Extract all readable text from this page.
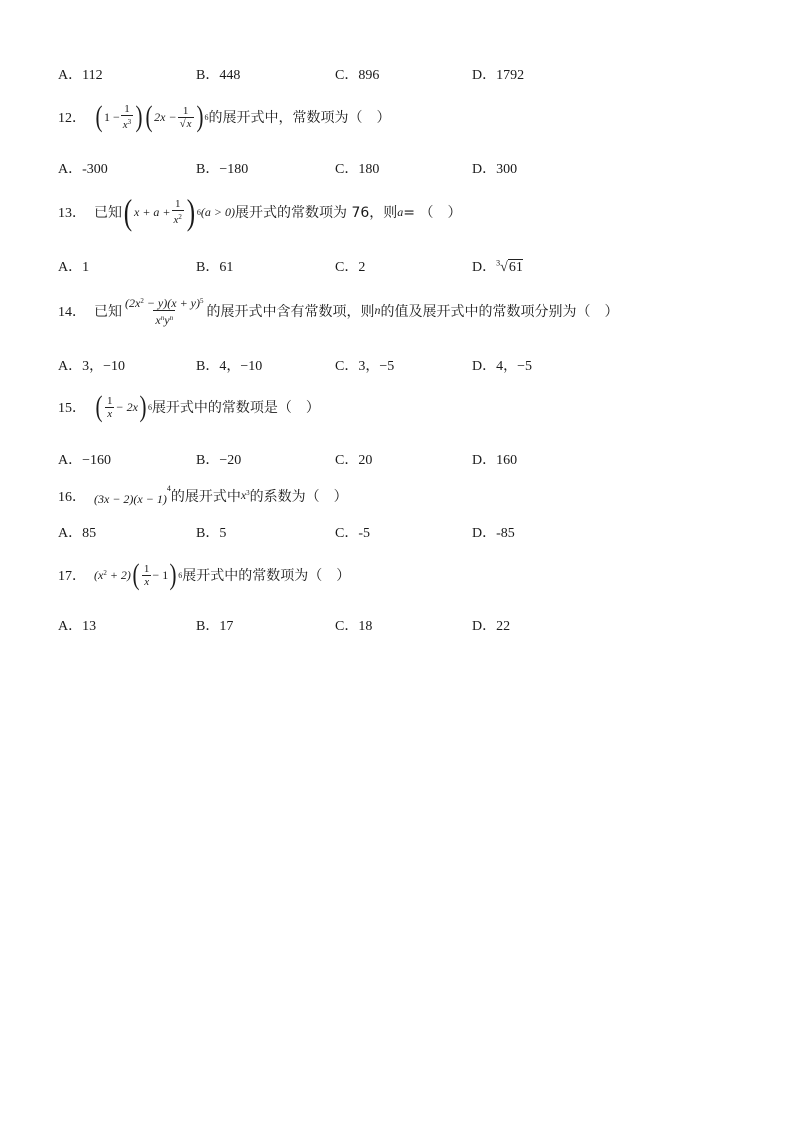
A．112	B．448	C．896	D．1792
12． ( $1 - \frac{1}{x^3}$ ) ( $2x - \frac{1}{√x}$ ) 6 的展开式中，常数项为（　）
A．-300	B．−180	C．180	D．300
13． 已知 ( $x + a + \frac{1}{x^2}$ ) 6 (a > 0) 展开式的常数项为 76，则 a = （　）
A．1	B．61	C．2	D．$^3$√61
14． 已知 $\frac{(2x^2 - y)(x + y)^5}{x^ny^n}$ 的展开式中含有常数项，则 n 的值及展开式中的常数项分别为（　）
A．3，−10	B．4，−10	C．3，−5	D．4，−5
15． ( $\frac{1}{x} - 2x$ ) 6 展开式中的常数项是（　）
A．−160	B．−20	C．20	D．160
16． $(3x - 2)(x - 1)^4$ 的展开式中 $x^3$ 的系数为（　）
A．85	B．5	C．-5	D．-85
17． $(x^2 + 2)$ ( $\frac{1}{x} - 1$ ) 6 展开式中的常数项为（　）
A．13	B．17	C．18	D．22
